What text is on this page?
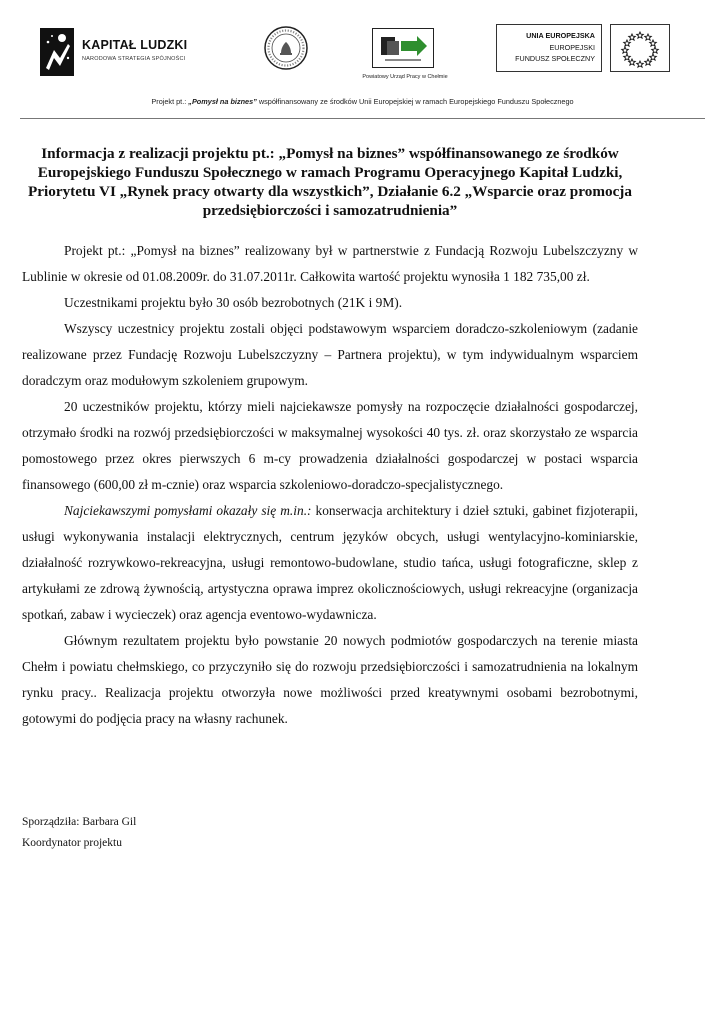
KAPITAŁ LUDZKI
NARODOWA STRATEGIA SPÓJNOŚCI
Powiatowy Urząd Pracy w Chełmie
UNIA EUROPEJSKA
EUROPEJSKI
FUNDUSZ SPOŁECZNY
Projekt pt.: „Pomysł na biznes” współfinansowany ze środków Unii Europejskiej w ramach Europejskiego Funduszu Społecznego
Informacja z realizacji projektu pt.: „Pomysł na biznes” współfinansowanego ze środków Europejskiego Funduszu Społecznego w ramach Programu Operacyjnego Kapitał Ludzki, Priorytetu VI „Rynek pracy otwarty dla wszystkich”, Działanie 6.2 „Wsparcie oraz promocja przedsiębiorczości i samozatrudnienia”

Projekt pt.: „Pomysł na biznes” realizowany był w partnerstwie z Fundacją Rozwoju Lubelszczyzny w Lublinie w okresie od 01.08.2009r. do 31.07.2011r. Całkowita wartość projektu wynosiła 1 182 735,00 zł.

Uczestnikami projektu było 30 osób bezrobotnych (21K i 9M).

Wszyscy uczestnicy projektu zostali objęci podstawowym wsparciem doradczo-szkoleniowym (zadanie realizowane przez Fundację Rozwoju Lubelszczyzny – Partnera projektu), w tym indywidualnym wsparciem doradczym oraz modułowym szkoleniem grupowym.

20 uczestników projektu, którzy mieli najciekawsze pomysły na rozpoczęcie działalności gospodarczej, otrzymało środki na rozwój przedsiębiorczości w maksymalnej wysokości 40 tys. zł. oraz skorzystało ze wsparcia pomostowego przez okres pierwszych 6 m-cy prowadzenia działalności gospodarczej w postaci wsparcia finansowego (600,00 zł m-cznie) oraz wsparcia szkoleniowo-doradczo-specjalistycznego.

Najciekawszymi pomysłami okazały się m.in.: konserwacja architektury i dzieł sztuki, gabinet fizjoterapii, usługi wykonywania instalacji elektrycznych, centrum języków obcych, usługi wentylacyjno-kominiarskie, działalność rozrywkowo-rekreacyjna, usługi remontowo-budowlane, studio tańca, usługi fotograficzne, sklep z artykułami ze zdrową żywnością, artystyczna oprawa imprez okolicznościowych, usługi rekreacyjne (organizacja spotkań, zabaw i wycieczek) oraz agencja eventowo-wydawnicza.

Głównym rezultatem projektu było powstanie 20 nowych podmiotów gospodarczych na terenie miasta Chełm i powiatu chełmskiego, co przyczyniło się do rozwoju przedsiębiorczości i samozatrudnienia na lokalnym rynku pracy.. Realizacja projektu otworzyła nowe możliwości przed kreatywnymi osobami bezrobotnymi, gotowymi do podjęcia pracy na własny rachunek.

Sporządziła: Barbara Gil
Koordynator projektu
